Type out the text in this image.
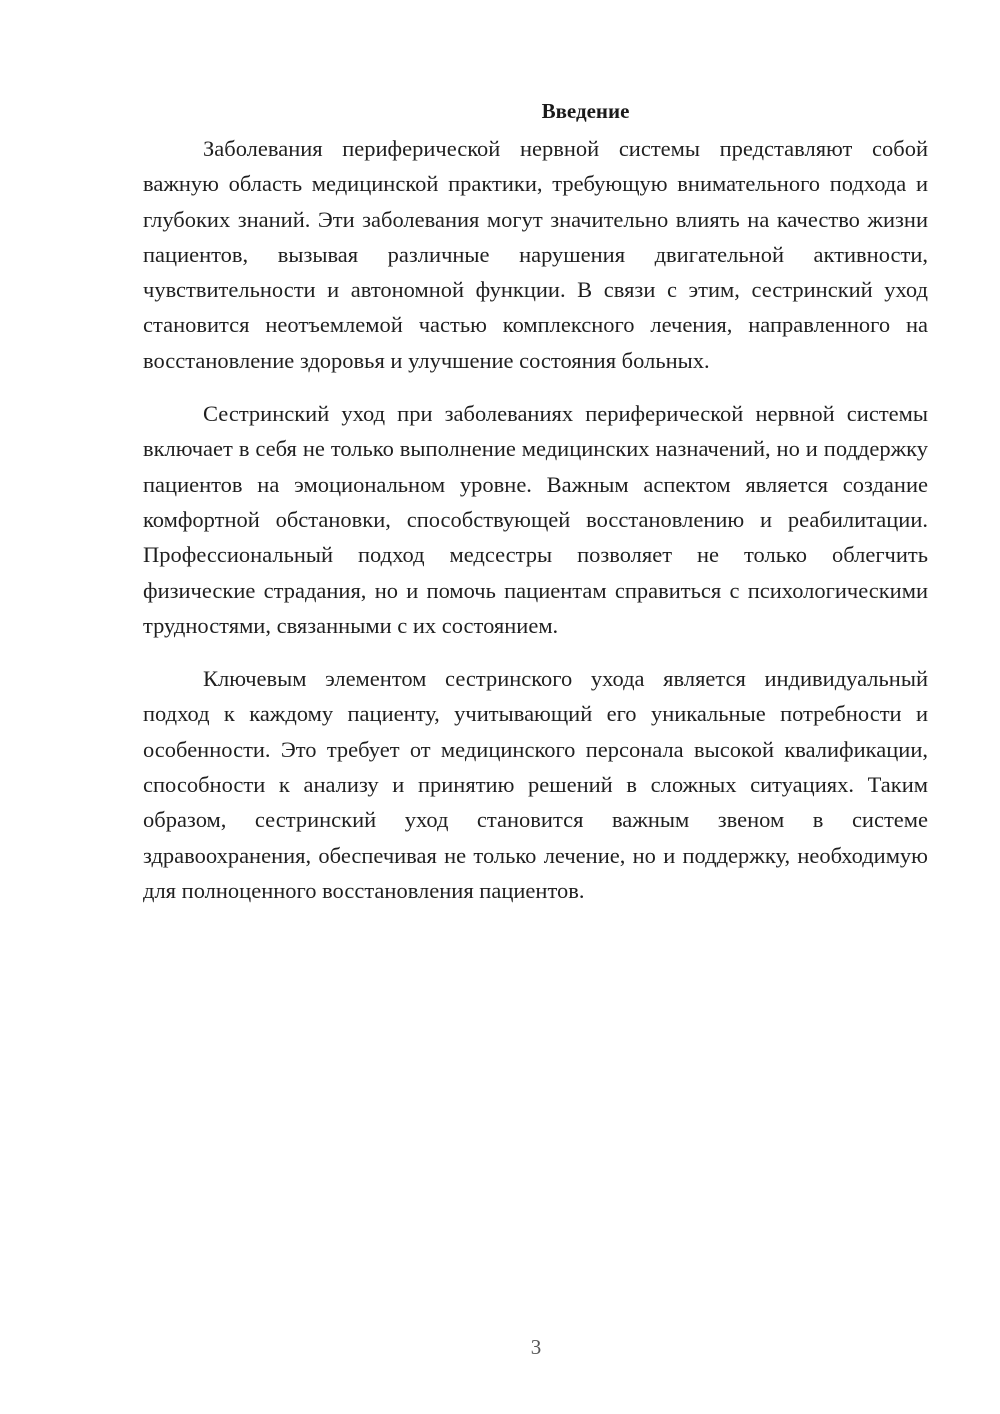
Введение

Заболевания периферической нервной системы представляют собой важную область медицинской практики, требующую внимательного подхода и глубоких знаний. Эти заболевания могут значительно влиять на качество жизни пациентов, вызывая различные нарушения двигательной активности, чувствительности и автономной функции. В связи с этим, сестринский уход становится неотъемлемой частью комплексного лечения, направленного на восстановление здоровья и улучшение состояния больных.

Сестринский уход при заболеваниях периферической нервной системы включает в себя не только выполнение медицинских назначений, но и поддержку пациентов на эмоциональном уровне. Важным аспектом является создание комфортной обстановки, способствующей восстановлению и реабилитации. Профессиональный подход медсестры позволяет не только облегчить физические страдания, но и помочь пациентам справиться с психологическими трудностями, связанными с их состоянием.

Ключевым элементом сестринского ухода является индивидуальный подход к каждому пациенту, учитывающий его уникальные потребности и особенности. Это требует от медицинского персонала высокой квалификации, способности к анализу и принятию решений в сложных ситуациях. Таким образом, сестринский уход становится важным звеном в системе здравоохранения, обеспечивая не только лечение, но и поддержку, необходимую для полноценного восстановления пациентов.

3
